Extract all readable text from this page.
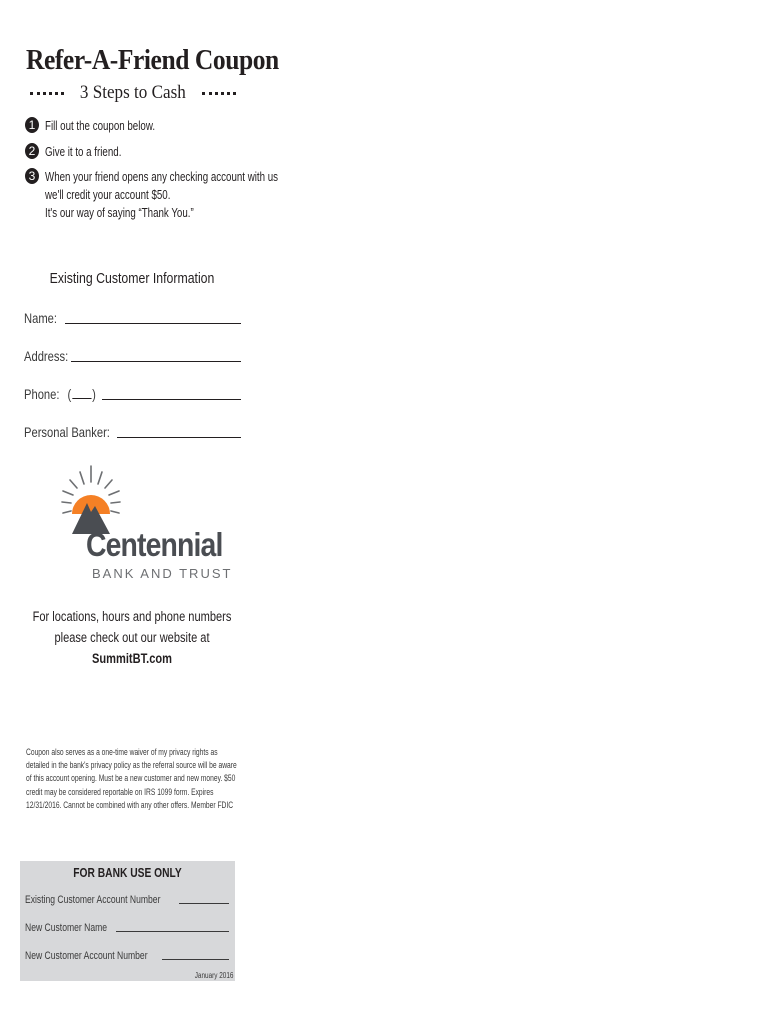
Refer-A-Friend Coupon
3 Steps to Cash
1 Fill out the coupon below.
2 Give it to a friend.
3 When your friend opens any checking account with us
we'll credit your account $50.
It's our way of saying “Thank You.”
Existing Customer Information
Name:
Address:
Phone: ( )
Personal Banker:
Centennial
BANK AND TRUST
For locations, hours and phone numbers
please check out our website at
SummitBT.com
Coupon also serves as a one-time waiver of my privacy rights as detailed in the bank's privacy policy as the referral source will be aware of this account opening. Must be a new customer and new money. $50 credit may be considered reportable on IRS 1099 form. Expires 12/31/2016. Cannot be combined with any other offers. Member FDIC
FOR BANK USE ONLY
Existing Customer Account Number
New Customer Name
New Customer Account Number
January 2016
